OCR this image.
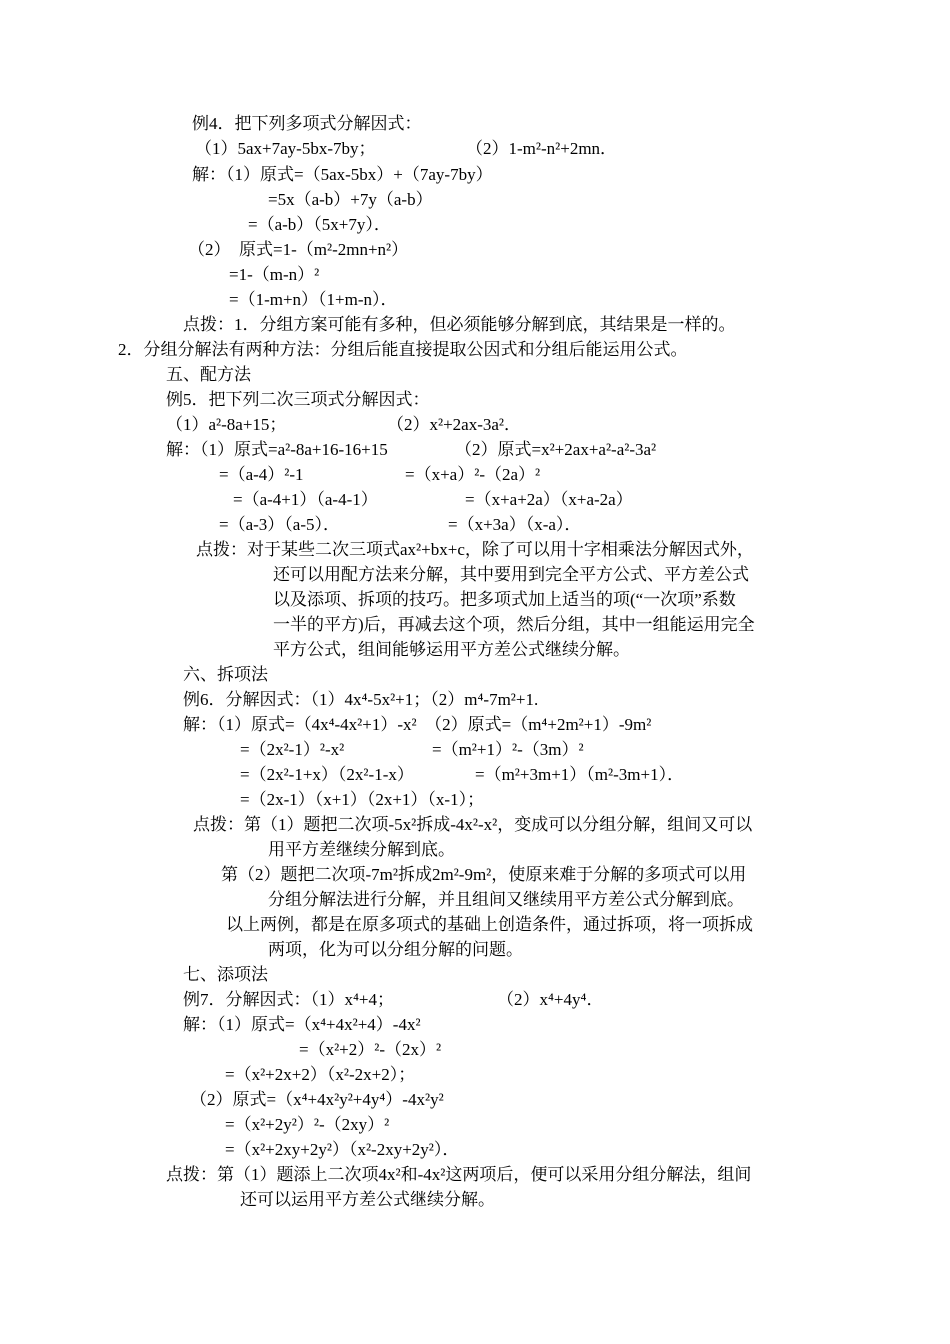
例4．把下列多项式分解因式：

（1）5ax+7ay-5bx-7by；	（2）1-m²-n²+2mn．

解：（1）原式=（5ax-5bx）+（7ay-7by）

=5x（a-b）+7y（a-b）

=（a-b）（5x+7y）．

（2）  原式=1-（m²-2mn+n²）

=1-（m-n）²

=（1-m+n）（1+m-n）．

点拨：1．分组方案可能有多种，但必须能够分解到底，其结果是一样的。

2．分组分解法有两种方法：分组后能直接提取公因式和分组后能运用公式。

五、配方法

例5．把下列二次三项式分解因式：

（1）a²-8a+15；	（2）x²+2ax-3a²．

解：（1）原式=a²-8a+16-16+15	（2）原式=x²+2ax+a²-a²-3a²

=（a-4）²-1	=（x+a）²-（2a）²

=（a-4+1）（a-4-1）	=（x+a+2a）（x+a-2a）

=（a-3）（a-5）．	=（x+3a）（x-a）．

点拨：对于某些二次三项式ax²+bx+c，除了可以用十字相乘法分解因式外，

还可以用配方法来分解，其中要用到完全平方公式、平方差公式

以及添项、拆项的技巧。把多项式加上适当的项(“一次项”系数

一半的平方)后，再减去这个项，然后分组，其中一组能运用完全

平方公式，组间能够运用平方差公式继续分解。

六、拆项法

例6．分解因式：（1）4x⁴-5x²+1；（2）m⁴-7m²+1.

解：（1）原式=（4x⁴-4x²+1）-x²  （2）原式=（m⁴+2m²+1）-9m²

=（2x²-1）²-x²	=（m²+1）²-（3m）²

=（2x²-1+x）（2x²-1-x）	=（m²+3m+1）（m²-3m+1）．

=（2x-1）（x+1）（2x+1）（x-1）；

点拨：第（1）题把二次项-5x²拆成-4x²-x²，变成可以分组分解，组间又可以

用平方差继续分解到底。

第（2）题把二次项-7m²拆成2m²-9m²，使原来难于分解的多项式可以用

分组分解法进行分解，并且组间又继续用平方差公式分解到底。

以上两例，都是在原多项式的基础上创造条件，通过拆项，将一项拆成

两项，化为可以分组分解的问题。

七、添项法

例7．分解因式：（1）x⁴+4；	（2）x⁴+4y⁴．

解：（1）原式=（x⁴+4x²+4）-4x²

=（x²+2）²-（2x）²

=（x²+2x+2）（x²-2x+2）；

（2）原式=（x⁴+4x²y²+4y⁴）-4x²y²

=（x²+2y²）²-（2xy）²

=（x²+2xy+2y²）（x²-2xy+2y²）．

点拨：第（1）题添上二次项4x²和-4x²这两项后，便可以采用分组分解法，组间

还可以运用平方差公式继续分解。
